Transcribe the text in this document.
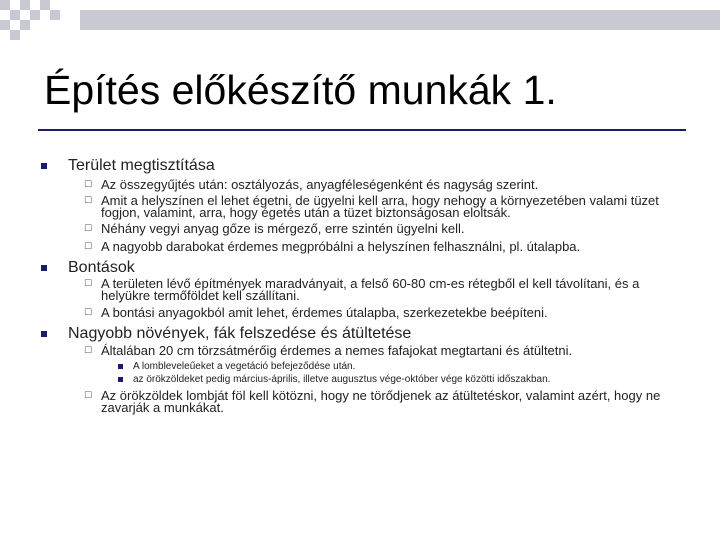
Építés előkészítő munkák 1.
Terület megtisztítása
☐ Az összegyűjtés után: osztályozás, anyagféleségenként és nagyság szerint.
☐ Amit a helyszínen el lehet égetni, de ügyelni kell arra, hogy nehogy a környezetében valami tüzet fogjon, valamint, arra, hogy égetés után a tüzet biztonságosan eloltsák.
☐ Néhány vegyi anyag gőze is mérgező, erre szintén ügyelni kell.
☐ A nagyobb darabokat érdemes megpróbálni a helyszínen felhasználni, pl. útalapba.
Bontások
☐ A területen lévő építmények maradványait, a felső 60-80 cm-es rétegből el kell távolítani, és a helyükre termőföldet kell szállítani.
☐ A bontási anyagokból amit lehet, érdemes útalapba, szerkezetekbe beépíteni.
Nagyobb növények, fák felszedése és átültetése
☐ Általában 20 cm törzsátmérőig érdemes a nemes fafajokat megtartani és átültetni.
A lombleveleűeket a vegetáció befejeződése után.
az örökzöldeket pedig március-április, illetve augusztus vége-október vége közötti időszakban.
☐ Az örökzöldek lombját föl kell kötözni, hogy ne törődjenek az átültetéskor, valamint azért, hogy ne zavarják a munkákat.
